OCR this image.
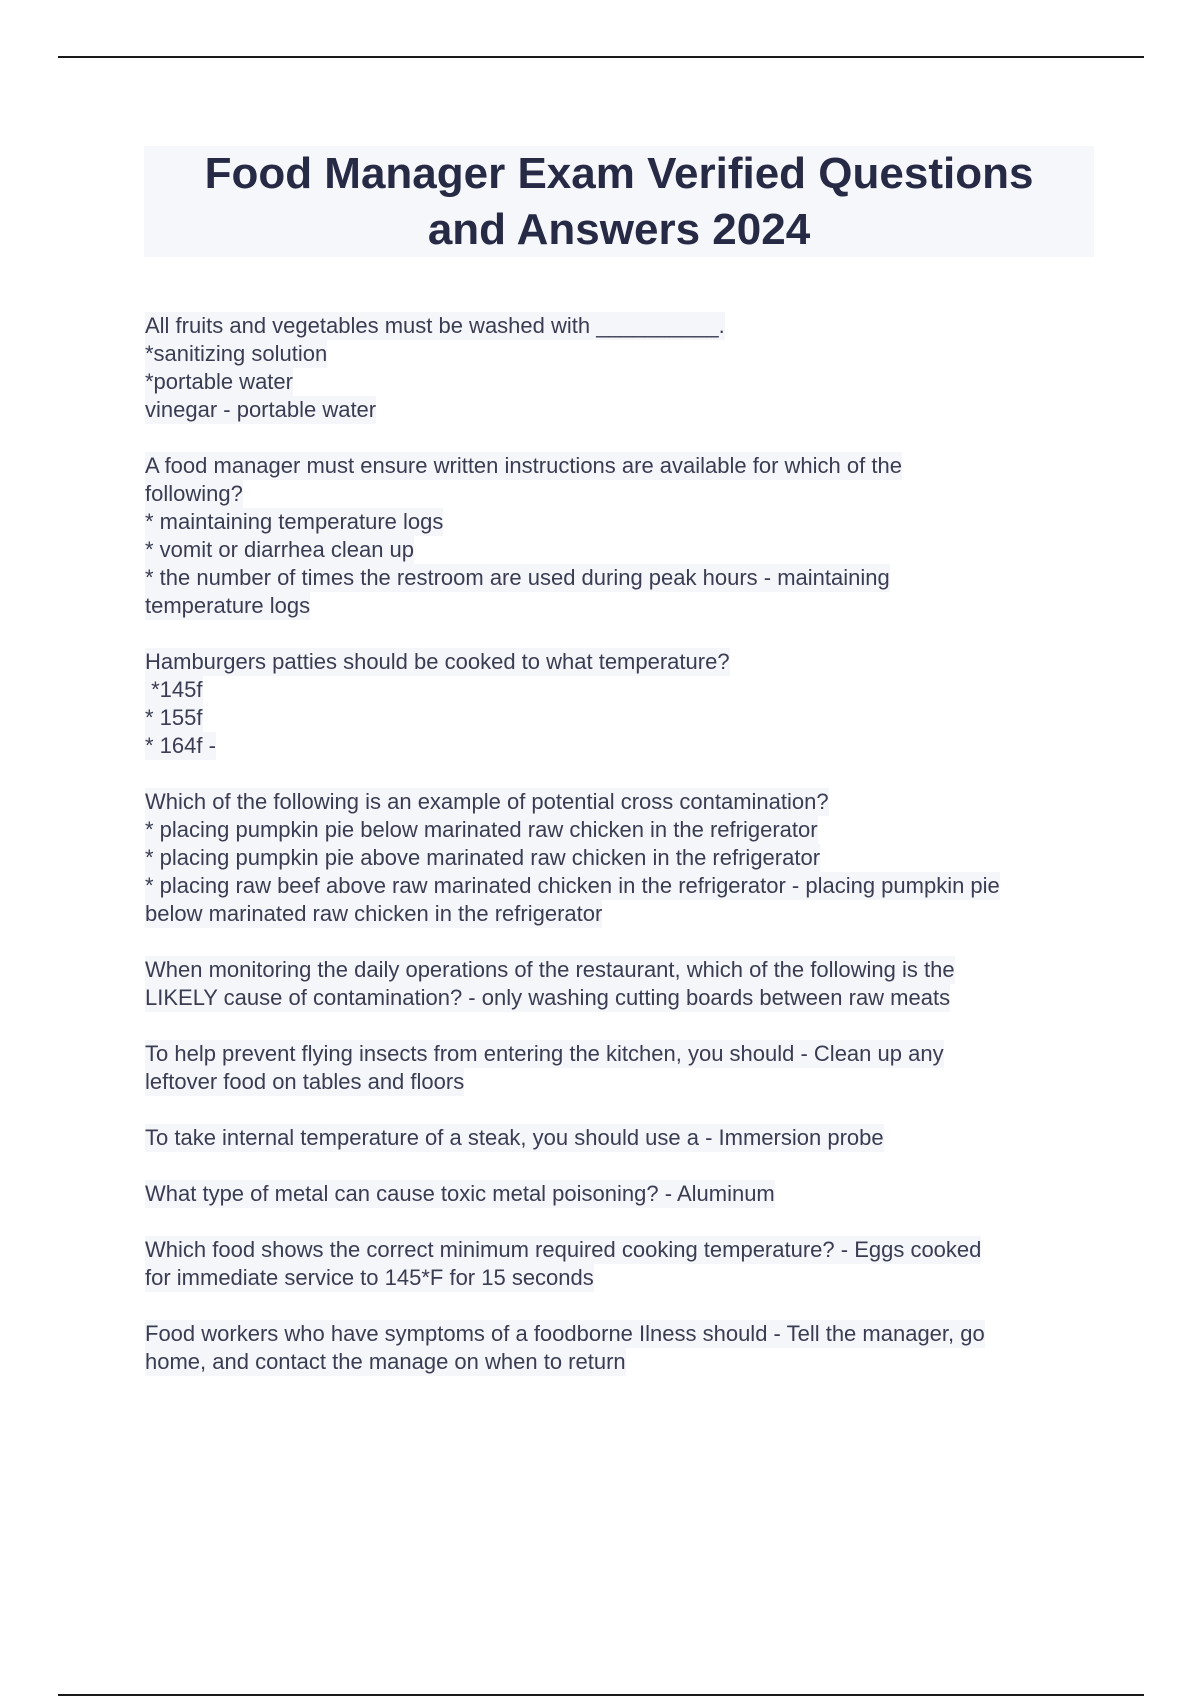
Food Manager Exam Verified Questions
and Answers 2024
All fruits and vegetables must be washed with __________.
*sanitizing solution
*portable water
vinegar - portable water
A food manager must ensure written instructions are available for which of the
following?
* maintaining temperature logs
* vomit or diarrhea clean up
* the number of times the restroom are used during peak hours - maintaining
temperature logs
Hamburgers patties should be cooked to what temperature?
*145f
* 155f
* 164f -
Which of the following is an example of potential cross contamination?
* placing pumpkin pie below marinated raw chicken in the refrigerator
* placing pumpkin pie above marinated raw chicken in the refrigerator
* placing raw beef above raw marinated chicken in the refrigerator - placing pumpkin pie
below marinated raw chicken in the refrigerator
When monitoring the daily operations of the restaurant, which of the following is the
LIKELY cause of contamination? - only washing cutting boards between raw meats
To help prevent flying insects from entering the kitchen, you should - Clean up any
leftover food on tables and floors
To take internal temperature of a steak, you should use a - Immersion probe
What type of metal can cause toxic metal poisoning? - Aluminum
Which food shows the correct minimum required cooking temperature? - Eggs cooked
for immediate service to 145*F for 15 seconds
Food workers who have symptoms of a foodborne Ilness should - Tell the manager, go
home, and contact the manage on when to return
